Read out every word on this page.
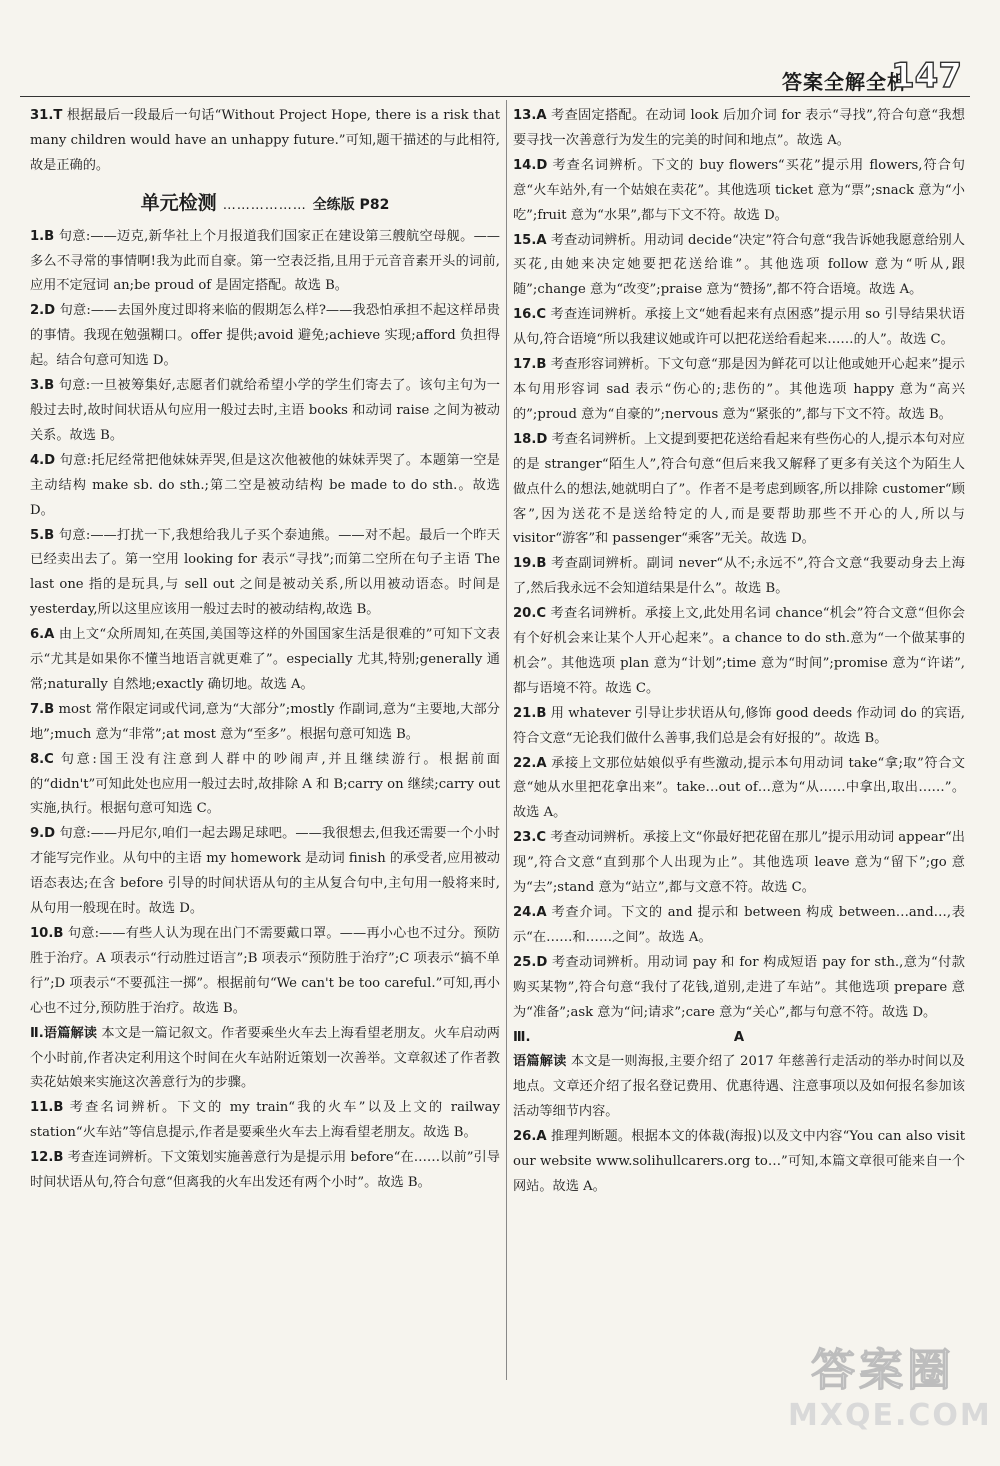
答案全解全析
147

31.T 根据最后一段最后一句话“Without Project Hope, there is a risk that many children would have an unhappy future.”可知,题干描述的与此相符,故是正确的。

单元检测 ……………… 全练版 P82

1.B 句意:——迈克,新华社上个月报道我们国家正在建设第三艘航空母舰。——多么不寻常的事情啊!我为此而自豪。第一空表泛指,且用于元音音素开头的词前,应用不定冠词 an;be proud of 是固定搭配。故选 B。

2.D 句意:——去国外度过即将来临的假期怎么样?——我恐怕承担不起这样昂贵的事情。我现在勉强糊口。offer 提供;avoid 避免;achieve 实现;afford 负担得起。结合句意可知选 D。

3.B 句意:一旦被筹集好,志愿者们就给希望小学的学生们寄去了。该句主句为一般过去时,故时间状语从句应用一般过去时,主语 books 和动词 raise 之间为被动关系。故选 B。

4.D 句意:托尼经常把他妹妹弄哭,但是这次他被他的妹妹弄哭了。本题第一空是主动结构 make sb. do sth.;第二空是被动结构 be made to do sth.。故选 D。

5.B 句意:——打扰一下,我想给我儿子买个泰迪熊。——对不起。最后一个昨天已经卖出去了。第一空用 looking for 表示“寻找”;而第二空所在句子主语 The last one 指的是玩具,与 sell out 之间是被动关系,所以用被动语态。时间是 yesterday,所以这里应该用一般过去时的被动结构,故选 B。

6.A 由上文“众所周知,在英国,美国等这样的外国国家生活是很难的”可知下文表示“尤其是如果你不懂当地语言就更难了”。especially 尤其,特别;generally 通常;naturally 自然地;exactly 确切地。故选 A。

7.B most 常作限定词或代词,意为“大部分”;mostly 作副词,意为“主要地,大部分地”;much 意为“非常”;at most 意为“至多”。根据句意可知选 B。

8.C 句意:国王没有注意到人群中的吵闹声,并且继续游行。根据前面的“didn't”可知此处也应用一般过去时,故排除 A 和 B;carry on 继续;carry out 实施,执行。根据句意可知选 C。

9.D 句意:——丹尼尔,咱们一起去踢足球吧。——我很想去,但我还需要一个小时才能写完作业。从句中的主语 my homework 是动词 finish 的承受者,应用被动语态表达;在含 before 引导的时间状语从句的主从复合句中,主句用一般将来时,从句用一般现在时。故选 D。

10.B 句意:——有些人认为现在出门不需要戴口罩。——再小心也不过分。预防胜于治疗。A 项表示“行动胜过语言”;B 项表示“预防胜于治疗”;C 项表示“搞不单行”;D 项表示“不要孤注一掷”。根据前句“We can't be too careful.”可知,再小心也不过分,预防胜于治疗。故选 B。

Ⅱ.语篇解读 本文是一篇记叙文。作者要乘坐火车去上海看望老朋友。火车启动两个小时前,作者决定利用这个时间在火车站附近策划一次善举。文章叙述了作者教卖花姑娘来实施这次善意行为的步骤。

11.B 考查名词辨析。下文的 my train“我的火车”以及上文的 railway station“火车站”等信息提示,作者是要乘坐火车去上海看望老朋友。故选 B。

12.B 考查连词辨析。下文策划实施善意行为是提示用 before“在……以前”引导时间状语从句,符合句意“但离我的火车出发还有两个小时”。故选 B。

13.A 考查固定搭配。在动词 look 后加介词 for 表示“寻找”,符合句意“我想要寻找一次善意行为发生的完美的时间和地点”。故选 A。

14.D 考查名词辨析。下文的 buy flowers“买花”提示用 flowers,符合句意“火车站外,有一个姑娘在卖花”。其他选项 ticket 意为“票”;snack 意为“小吃”;fruit 意为“水果”,都与下文不符。故选 D。

15.A 考查动词辨析。用动词 decide“决定”符合句意“我告诉她我愿意给别人买花,由她来决定她要把花送给谁”。其他选项 follow 意为“听从,跟随”;change 意为“改变”;praise 意为“赞扬”,都不符合语境。故选 A。

16.C 考查连词辨析。承接上文“她看起来有点困惑”提示用 so 引导结果状语从句,符合语境“所以我建议她或许可以把花送给看起来……的人”。故选 C。

17.B 考查形容词辨析。下文句意“那是因为鲜花可以让他或她开心起来”提示本句用形容词 sad 表示“伤心的;悲伤的”。其他选项 happy 意为“高兴的”;proud 意为“自豪的”;nervous 意为“紧张的”,都与下文不符。故选 B。

18.D 考查名词辨析。上文提到要把花送给看起来有些伤心的人,提示本句对应的是 stranger“陌生人”,符合句意“但后来我又解释了更多有关这个为陌生人做点什么的想法,她就明白了”。作者不是考虑到顾客,所以排除 customer“顾客”,因为送花不是送给特定的人,而是要帮助那些不开心的人,所以与 visitor“游客”和 passenger“乘客”无关。故选 D。

19.B 考查副词辨析。副词 never“从不;永远不”,符合文意“我要动身去上海了,然后我永远不会知道结果是什么”。故选 B。

20.C 考查名词辨析。承接上文,此处用名词 chance“机会”符合文意“但你会有个好机会来让某个人开心起来”。a chance to do sth.意为“一个做某事的机会”。其他选项 plan 意为“计划”;time 意为“时间”;promise 意为“许诺”,都与语境不符。故选 C。

21.B 用 whatever 引导让步状语从句,修饰 good deeds 作动词 do 的宾语,符合文意“无论我们做什么善事,我们总是会有好报的”。故选 B。

22.A 承接上文那位姑娘似乎有些激动,提示本句用动词 take“拿;取”符合文意“她从水里把花拿出来”。take…out of…意为“从……中拿出,取出……”。故选 A。

23.C 考查动词辨析。承接上文“你最好把花留在那儿”提示用动词 appear“出现”,符合文意“直到那个人出现为止”。其他选项 leave 意为“留下”;go 意为“去”;stand 意为“站立”,都与文意不符。故选 C。

24.A 考查介词。下文的 and 提示和 between 构成 between…and…,表示“在……和……之间”。故选 A。

25.D 考查动词辨析。用动词 pay 和 for 构成短语 pay for sth.,意为“付款购买某物”,符合句意“我付了花钱,道别,走进了车站”。其他选项 prepare 意为“准备”;ask 意为“问;请求”;care 意为“关心”,都与句意不符。故选 D。

Ⅲ.	A

语篇解读 本文是一则海报,主要介绍了 2017 年慈善行走活动的举办时间以及地点。文章还介绍了报名登记费用、优惠待遇、注意事项以及如何报名参加该活动等细节内容。

26.A 推理判断题。根据本文的体裁(海报)以及文中内容“You can also visit our website www.solihullcarers.org to…”可知,本篇文章很可能来自一个网站。故选 A。

答案圈
MXQE.COM
